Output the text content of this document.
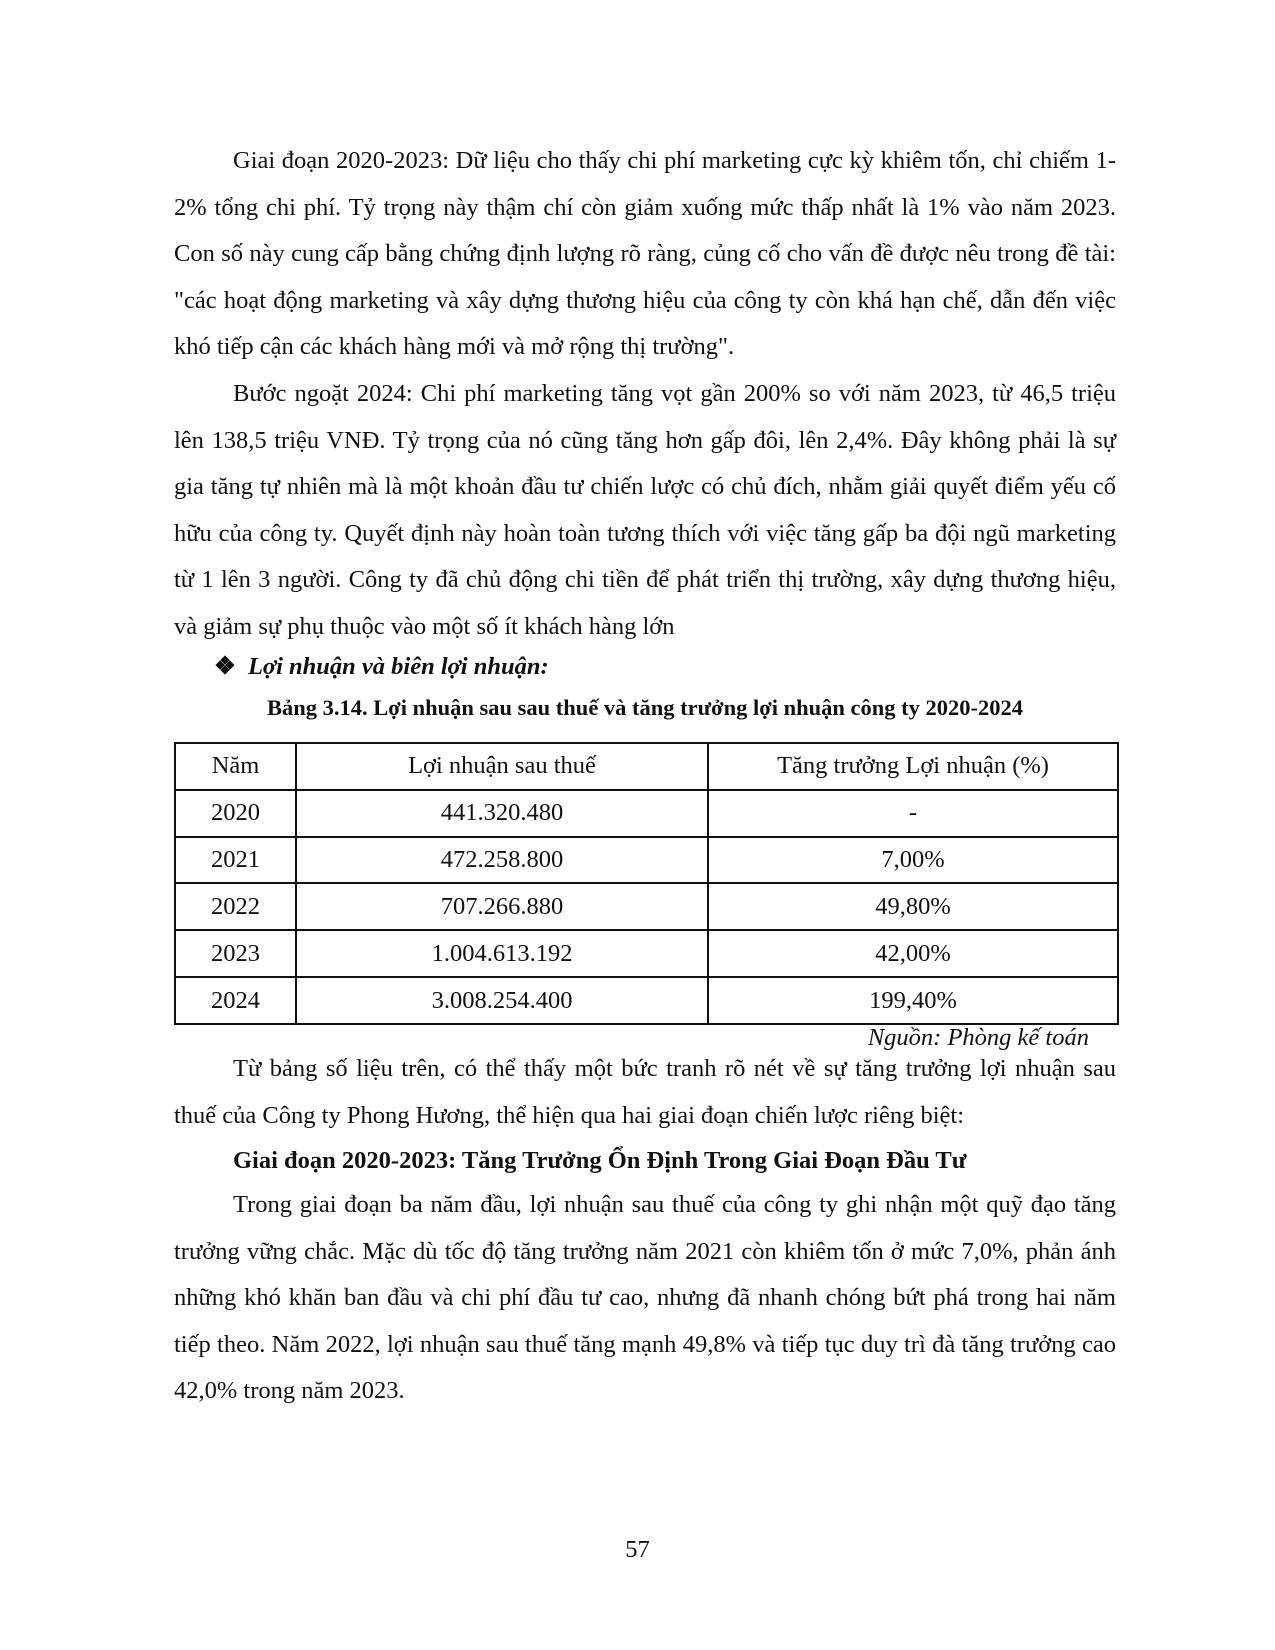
Giai đoạn 2020-2023: Dữ liệu cho thấy chi phí marketing cực kỳ khiêm tốn, chỉ chiếm 1-2% tổng chi phí. Tỷ trọng này thậm chí còn giảm xuống mức thấp nhất là 1% vào năm 2023. Con số này cung cấp bằng chứng định lượng rõ ràng, củng cố cho vấn đề được nêu trong đề tài: "các hoạt động marketing và xây dựng thương hiệu của công ty còn khá hạn chế, dẫn đến việc khó tiếp cận các khách hàng mới và mở rộng thị trường".

Bước ngoặt 2024: Chi phí marketing tăng vọt gần 200% so với năm 2023, từ 46,5 triệu lên 138,5 triệu VNĐ. Tỷ trọng của nó cũng tăng hơn gấp đôi, lên 2,4%. Đây không phải là sự gia tăng tự nhiên mà là một khoản đầu tư chiến lược có chủ đích, nhằm giải quyết điểm yếu cố hữu của công ty. Quyết định này hoàn toàn tương thích với việc tăng gấp ba đội ngũ marketing từ 1 lên 3 người. Công ty đã chủ động chi tiền để phát triển thị trường, xây dựng thương hiệu, và giảm sự phụ thuộc vào một số ít khách hàng lớn

❖ Lợi nhuận và biên lợi nhuận:

Bảng 3.14. Lợi nhuận sau sau thuế và tăng trưởng lợi nhuận công ty 2020-2024

Năm	Lợi nhuận sau thuế	Tăng trưởng Lợi nhuận (%)
2020	441.320.480	-
2021	472.258.800	7,00%
2022	707.266.880	49,80%
2023	1.004.613.192	42,00%
2024	3.008.254.400	199,40%

Nguồn: Phòng kế toán

Từ bảng số liệu trên, có thể thấy một bức tranh rõ nét về sự tăng trưởng lợi nhuận sau thuế của Công ty Phong Hương, thể hiện qua hai giai đoạn chiến lược riêng biệt:

Giai đoạn 2020-2023: Tăng Trưởng Ổn Định Trong Giai Đoạn Đầu Tư

Trong giai đoạn ba năm đầu, lợi nhuận sau thuế của công ty ghi nhận một quỹ đạo tăng trưởng vững chắc. Mặc dù tốc độ tăng trưởng năm 2021 còn khiêm tốn ở mức 7,0%, phản ánh những khó khăn ban đầu và chi phí đầu tư cao, nhưng đã nhanh chóng bứt phá trong hai năm tiếp theo. Năm 2022, lợi nhuận sau thuế tăng mạnh 49,8% và tiếp tục duy trì đà tăng trưởng cao 42,0% trong năm 2023.

57
